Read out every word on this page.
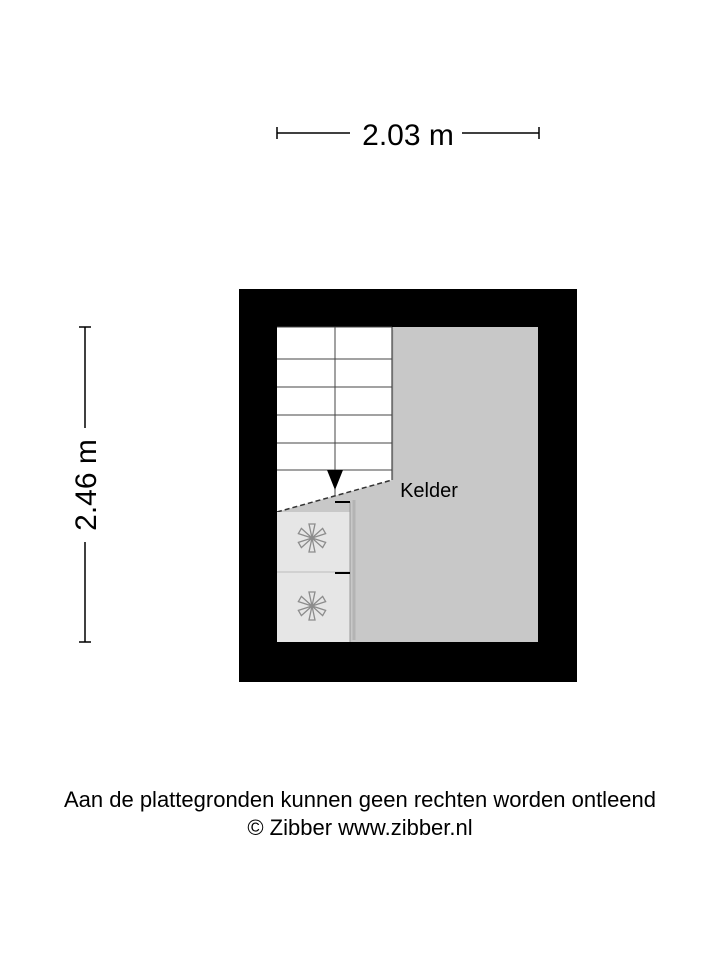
2.03 m
2.46 m	Kelder
Aan de plattegronden kunnen geen rechten worden ontleend
© Zibber www.zibber.nl
